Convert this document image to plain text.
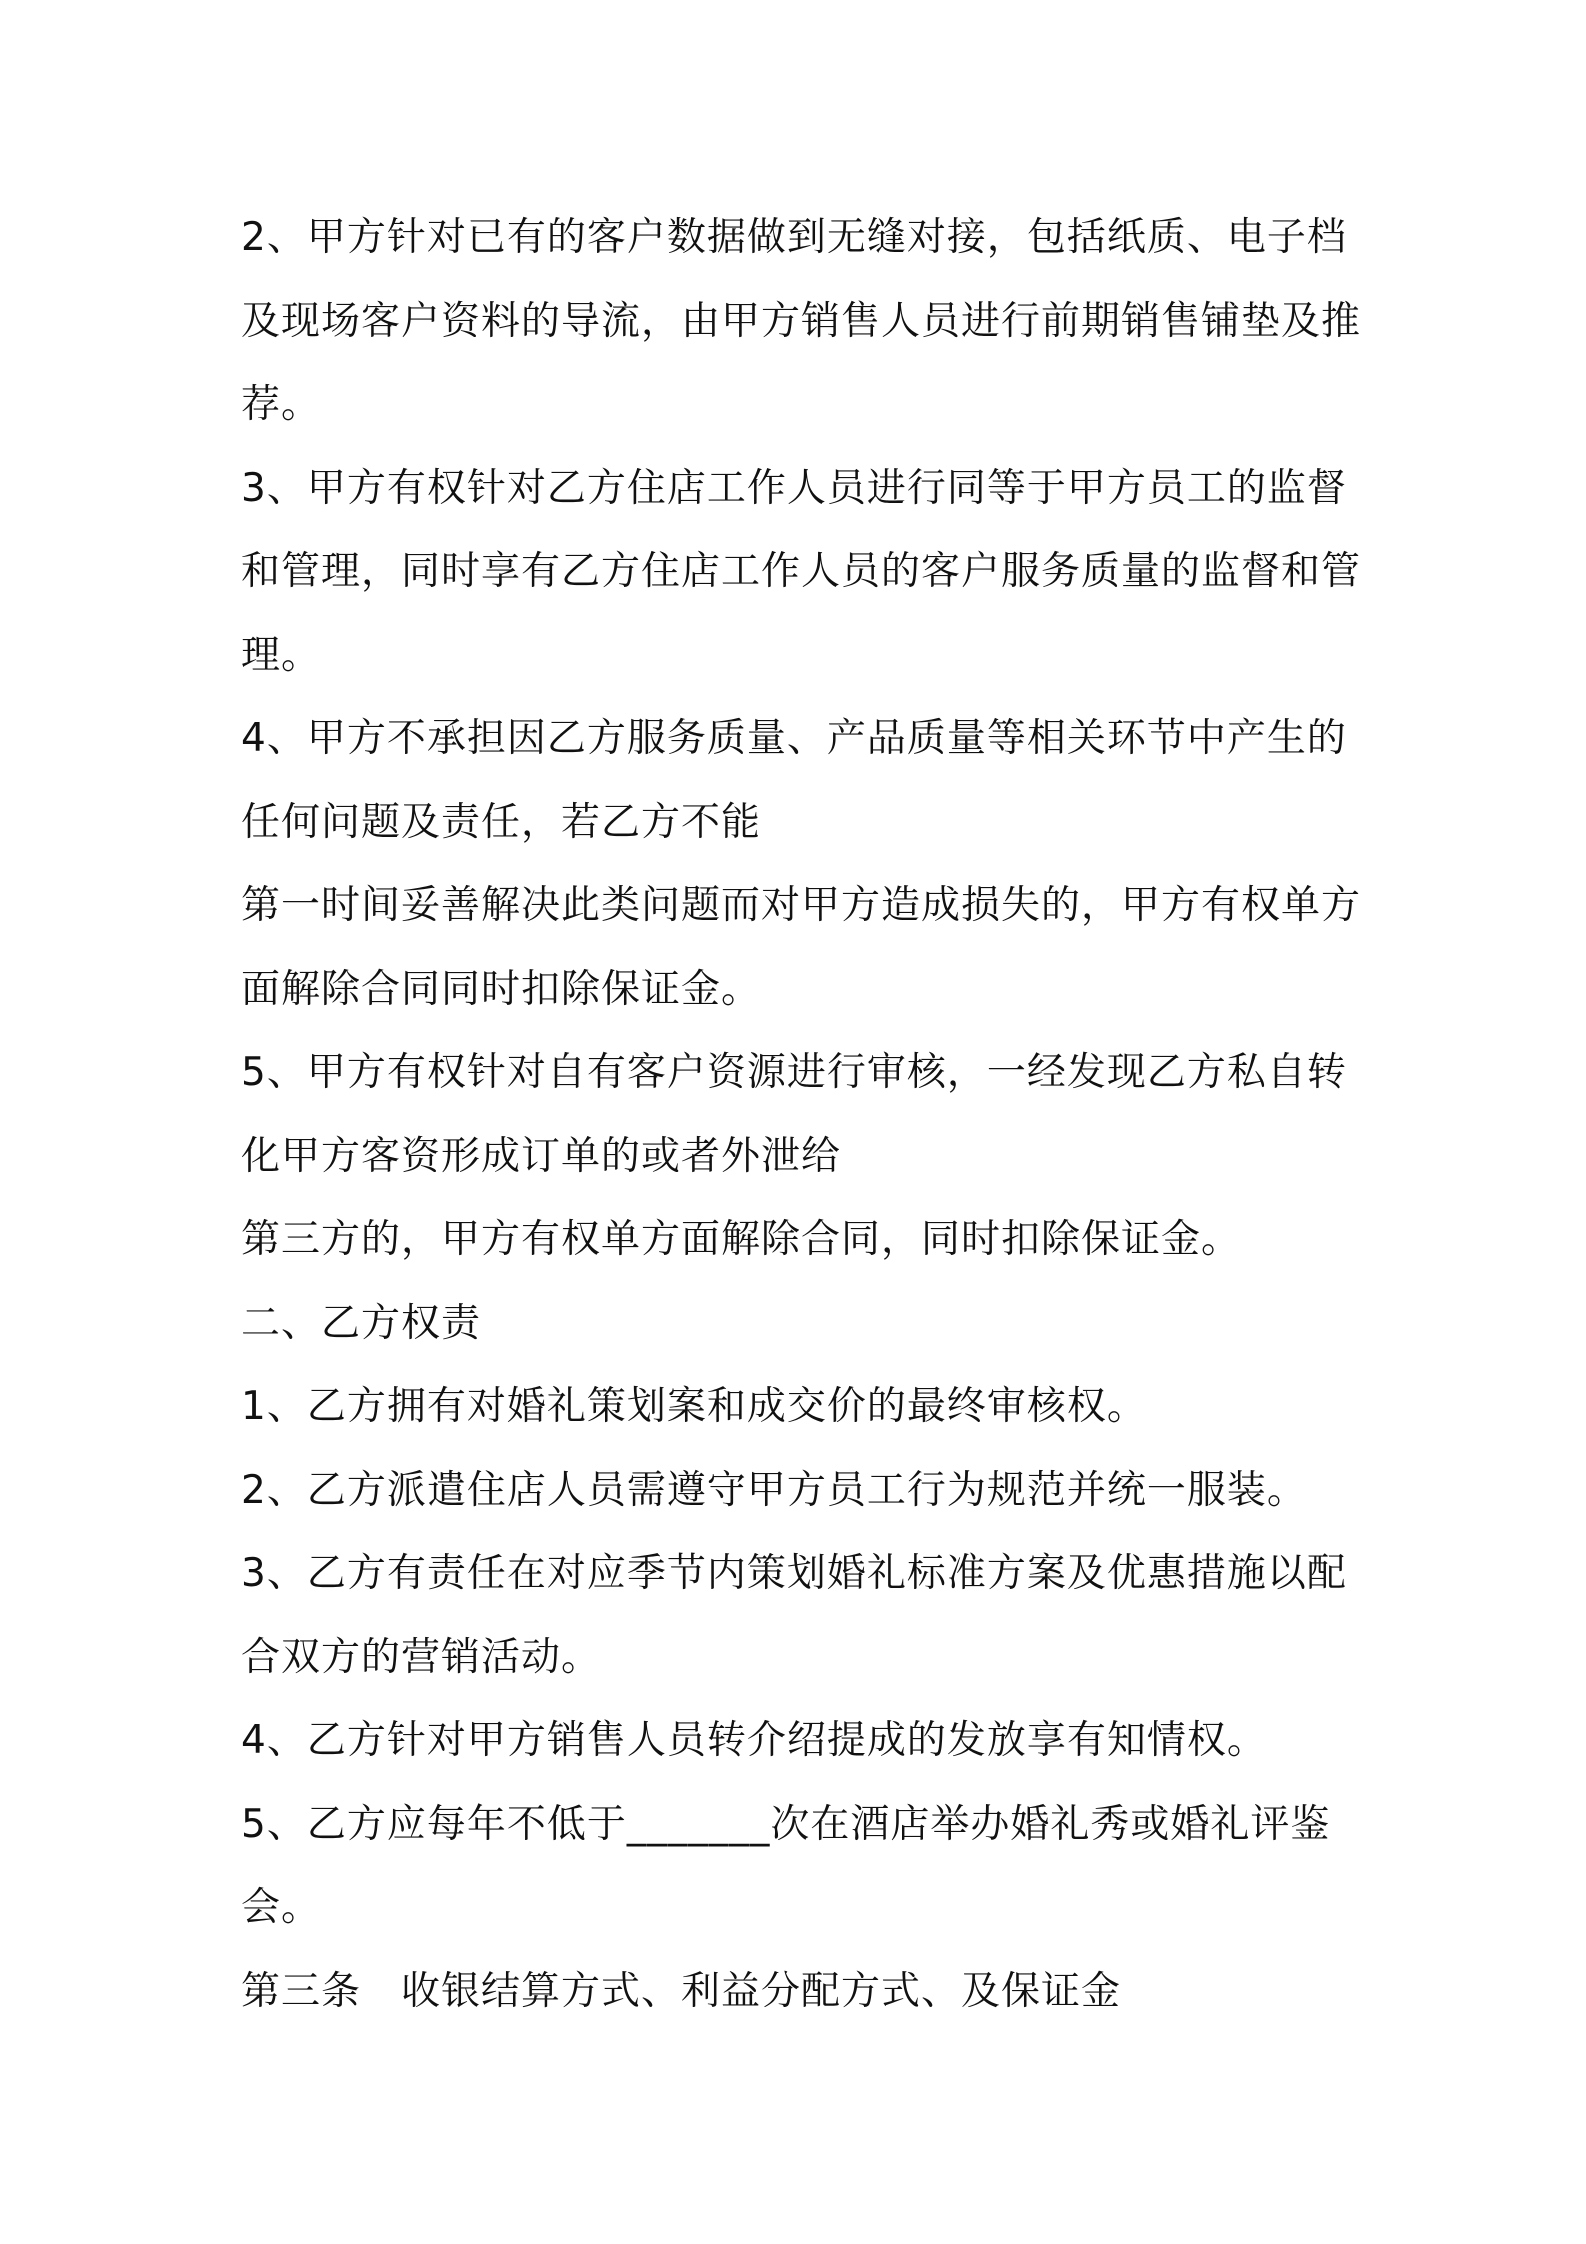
2、甲方针对已有的客户数据做到无缝对接，包括纸质、电子档

及现场客户资料的导流，由甲方销售人员进行前期销售铺垫及推

荐。

3、甲方有权针对乙方住店工作人员进行同等于甲方员工的监督

和管理，同时享有乙方住店工作人员的客户服务质量的监督和管

理。

4、甲方不承担因乙方服务质量、产品质量等相关环节中产生的

任何问题及责任，若乙方不能

第一时间妥善解决此类问题而对甲方造成损失的，甲方有权单方

面解除合同同时扣除保证金。

5、甲方有权针对自有客户资源进行审核，一经发现乙方私自转

化甲方客资形成订单的或者外泄给

第三方的，甲方有权单方面解除合同，同时扣除保证金。

二、乙方权责

1、乙方拥有对婚礼策划案和成交价的最终审核权。

2、乙方派遣住店人员需遵守甲方员工行为规范并统一服装。

3、乙方有责任在对应季节内策划婚礼标准方案及优惠措施以配

合双方的营销活动。

4、乙方针对甲方销售人员转介绍提成的发放享有知情权。

5、乙方应每年不低于_______次在酒店举办婚礼秀或婚礼评鉴

会。

第三条 收银结算方式、利益分配方式、及保证金
